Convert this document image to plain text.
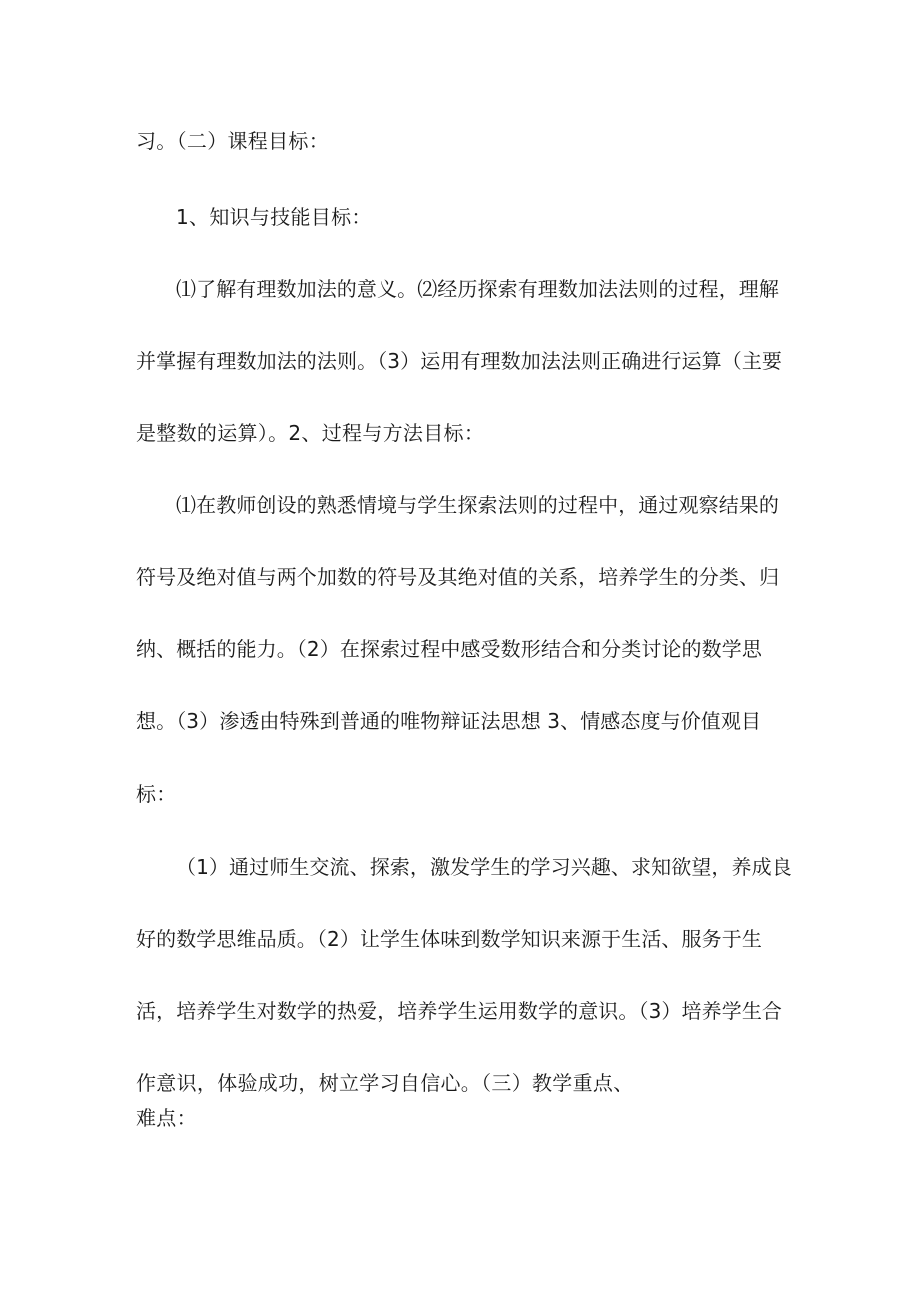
习。（二）课程目标：
1、知识与技能目标：
⑴了解有理数加法的意义。⑵经历探索有理数加法法则的过程，理解
并掌握有理数加法的法则。（3）运用有理数加法法则正确进行运算（主要
是整数的运算）。2、过程与方法目标：
⑴在教师创设的熟悉情境与学生探索法则的过程中，通过观察结果的
符号及绝对值与两个加数的符号及其绝对值的关系，培养学生的分类、归
纳、概括的能力。（2）在探索过程中感受数形结合和分类讨论的数学思
想。（3）渗透由特殊到普通的唯物辩证法思想 3、情感态度与价值观目
标：
（1）通过师生交流、探索，激发学生的学习兴趣、求知欲望，养成良
好的数学思维品质。（2）让学生体味到数学知识来源于生活、服务于生
活，培养学生对数学的热爱，培养学生运用数学的意识。（3）培养学生合
作意识，体验成功，树立学习自信心。（三）教学重点、
难点：
